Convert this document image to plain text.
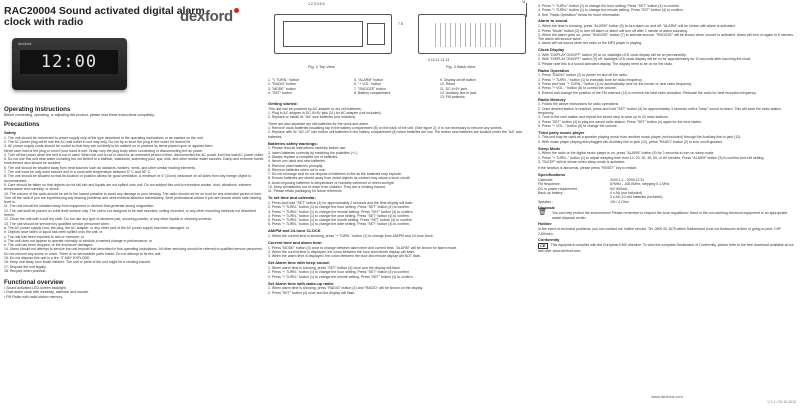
RAC20004 Sound activated digital alarm
clock with radio	dexford
dexford
12:00
Operating Instructions

Before connecting, operating, or adjusting this product, please read these instructions completely.

Precautions
Safety

1. The unit should be connected to power supply only of the type described in the operating instructions or as marked on the unit.

2. The AC power plug will fit into the AC wall outlet in one way only. Do not try to force the plug in the outlet if it doesn't fit.

3. AC power supply cords should be routed so that they are not likely to be walked on or pinched by items placed upon or against them.

Never take hold of the plug or cord if your hand is wet. Grasp only the plug body when connecting or disconnecting the ac power.

4. Turn off the power when the unit is not in used. When the unit is not in used for an extended period of time, disconnected the AC power from the wall AC power outlet.

5. Do not use this unit near water including but not limited to a bathtub, washbowl, swimming pool, spa, sink, and other similar water sources. Damp and extreme humid environment also should be avoided.

6. The unit should be situated away from heat sources such as radiators, heaters, vents, and other similar heating elements.

7. The unit must be only used indoors and in a room with temperature between 5° C and 35° C.

8. The unit should be situated so that its location or position allows for good ventilation. A minimum of 4" (10cm) clearance on all sides from any foreign object is recommended.

9. Care should be taken so that objects do not fall into and liquids are not spilled onto unit. Do not subject this unit to excessive smoke, dust, vibrations, extreme temperature and humidity, or shock.

10. The volume of the radio should be set to the lowest possible to avoid any damage to your hearing. The radio should not be on loud for any extended period of time. Turn off the radio if you are experiencing any hearing problems and seek medical attention immediately. Seek professional advice if you are unsure which safe hearing level is.

11. The unit should be situated away from equipment or devices that generate strong magnetism.

12. The unit shall be placed on a flat level surface only. The unit is not designed to be wall mounted, ceiling mounted, or any other mounting methods not described herein.

12. Clean the unit with a soft dry cloth. Do not use any type of abrasive pad, scouring powder, or any other liquids or cleaning solvents.

13. The unit should be serviced by qualified service personnel when:

a. The AC power supply cord, the plug, the AC adapter, or any other part of the AC power supply has been damaged; or

b. Objects have fallen or liquid has been spilled onto the unit; or

c. The unit has been exposed to rain or moisture; or

d. The unit does not appear to operate normally or exhibits a marked change in performance; or

e. The unit has been dropped, or the enclosure damaged.

14. Users should not attempt to service the unit beyond that described in this operating instructions. All other servicing should be referred to qualified service personnel. Do not remove any screw or cover. There is no serviceable parts inside. Do not attempt to fix this unit.

15. Do not dispose this unit in a fire. IT MAY EXPLODE.

16. Keep unit away from small children. The unit or parts of the unit might be a choking hazard.

17. Dispose the unit legally.

18. Recycle when possible.

Functional overview

• Sound activated LED-screen backlight

• Dual alarm clock with weekday, calendar and snooze.

• FM Radio with radio station memory.

1 2 3 4 5 6
7 8
11
9 10 11 12 13
Fig. 1 Top view	Fig. 2 Back view
1. "V TURN-" button	5. "ALARM" button	9. Display on/off switch
2. "RADIO" button	6. "+ VOL" button	10. Reset
3. "MODE" button	7. "SNOOZE" button	11. DC-in 6V jack
4. "SET" button	8. Battery compartment	12. Auxiliary line-in jack
13. FM antenna
Getting started:

This unit can be powered by AC adapter or dry cell batteries.

1. Plug in AC adapter in DC-IN 6V jack (11) for AC adapter (not included).

2. Replace or install 4x "AA" size batteries (not included).

There are also separate dry cell batteries for the clock and alarm.

1. Remove clock batteries insulating tap in the battery compartment (8) on the back of the unit. (See figure 2). It is not necessary to remove any screws.

2. Replace with 3x "AG-10" size button cell batteries in the battery compartment (8) when batteries are low. The button new batteries are located under the "AA" size batteries.

Batteries safety warnings:

1. Please read all instructions carefully before use.

2. Insert batteries correctly by matching the polarities (+/-).

3. Always replace a complete set of batteries.

4. Never mix used and new batteries.

5. Remove used batteries promptly.

6. Remove batteries when not in use.

7. Do not recharge and do not dispose of batteries in fire as the batteries may explode.

8. Ensure batteries are stored away from metal objects as contact may cause a short circuit.

9. Avoid exposing batteries to temperature or humidity extremes or direct sunlight.

10. Keep all batteries out of reach from children. They are a choking hazard.

11. Please retain packaging for future reference.

To set time and calendar:

1. Press and hold "SET" button (4) for approximately 2 seconds and the time display will flash.

2. Press "+ TURN-" button (1) to change the hour setting. Press "SET" button (4) to confirm.

3. Press "+ TURN-" button (1) to change the minute setting. Press "SET" button (4) to confirm.

4. Press "+ TURN-" button (1) to change the year setting. Press "SET" button (4) to confirm.

5. Press "+ TURN-" button (1) to change the month setting. Press "SET" button (4) to confirm.

6. Press "+ TURN-" button (1) to change the date setting. Press "SET" button (4) to confirm.

AM/PM and 24-hour CLOCK

1. When the current time is showing, press "+ TURN-" button (1) to change from AM/PM and 24-hour clock.

Current time and alarm time:

1. Press "MODE" button (3) once to change between alarm time and current time. "ALARM" will be shown for alarm mode.

2. When the current time is displayed, the colon between the hour and minute display will flash.

3. When the alarm time is displayed, the colon between the hour and minute display will NOT flash.

Set Alarm time with beep sound:

1. When alarm time is showing, press "SET" button (4) once and the display will flash.

2. Press "+ TURN-" button (1) to change the hour setting. Press "SET" button (4) to confirm.

3. Press "+ TURN-" button (1) to change the minute setting. Press "SET" button (4) to confirm.

Set Alarm time with wake-up radio:

1. When alarm time is showing, press "RADIO" button (2) and "RADIO" will be shown on the display.

2. Press "SET" button (4) once and the display will flash.

3. Press "+ TURN-" button (1) to change the hour setting. Press "SET" button (4) to confirm.

4. Press "+ TURN-" button (1) to change the minute setting. Press "SET" button (4) to confirm.

5. See "Radio Operation" below for more information.

Alarm to sound

1. When the time is showing, press "ALARM" button (5) to turn alarm on and off. "ALARM" will be shown with alarm is activated.

2. Press "Mode" button (3) to turn off alarm or alarm will turn off after 1 minute of alarm sounding.

3. When the alarm goes on, press "SNOOZE" button (7) to activate snooze. "SNOOZE" will be shown when snooze is activated. Alarm will turn on again in 5 minutes. The alarm will snooze twice.

4. Alarm will not sound when the radio or the MP3 player is playing.

Clock Display

1. With "DISPLAY ON/OFF" switch (9) at on, backlight LED clock display will be on permanently.

2. With "DISPLAY ON/OFF" switch (9) off, backlight LED clock display will be on for approximately for 10 seconds after touching the clock.

3. Please note this is a sound activated display. The display need to be on for the radio.

Radio Operation

1. Press "RADIO" button (2) to power on and off the radio.

2. Press "+ TURN -" button (1) to manually tune for radio frequency.

3. Press and hold "+ TURN -" button (1) to automatically tune for the former or next radio frequency.

4. Press "+ VOL -" button (6) to control the volume.

5. Extend and change the position of the FM antenna (13) to receive the best radio reception. Relocate the radio for best reception frequency.

Radio Memory

1. Follow the above instructions for radio operations.

2. Once desired station is reached, press and hold "SET" button (4) for approximately 3 seconds until a "beep" sound is heard. This will save the radio station frequency.

3. Tune to the next station and repeat the above step to save up to 20 radio stations.

4. Press "SET" button (4) to play pre-saved radio station. Press "SET" button (4) again for the next station.

5. Press "+ VOL -" button (6) to change the volume.

Third party music player

1. This unit may be used as a speaker playing music from another music player (not included) through the Auxiliary line-in jack (12).

2. With music player playing and plugged into Auxiliary line-in jack (12), press "RADIO" button (2) to turn on/off speaker.

Sleep Mode

1. When the radio or the digital music player is on, press "ALARM" button (5) for 3 seconds to turn on sleep mode.

2. Press "+ TURN -" button (1) to adjust sleeping time from 10, 20, 30, 40, 50, or 60 minutes. Press "ALARM" button (5) to confirm and exit setting.

3. "SLEEP" will be shown when sleep mode is activated.

If the function is abnormal, please press "RESET" key to restart.

Specifications
Calendar:	2000.1.1 - 2099.12.31
FM frequence:	87MHz - 108.0MHz, stepping 0.1 MHz
DC-in power requirement :	6V/ 600mA
Back-up battery :	4 x AA (not included)
3 x AG-10 cell batteries (included)
Speaker :	1W / 4 Ohm
Disposal

🗑 You can help protect the environment! Please remember to respect the local regulations: Hand in the non-working electrical equipment to an appropriate waste disposal center.

Hotline

In the event of technical problems, you can contact our hotline service, Tel. 0900 00 1675 within Switzerland (cost via Swisscom at time of going to print: CHF 2.60/min).

Conformity

CE This equipment complies with the European EMV directive. To view the complete Declaration of Conformity, please refer to the free download available at our web site: www.dexford.com.

www.dexford.com
V 1.1 / 03.10.2012
